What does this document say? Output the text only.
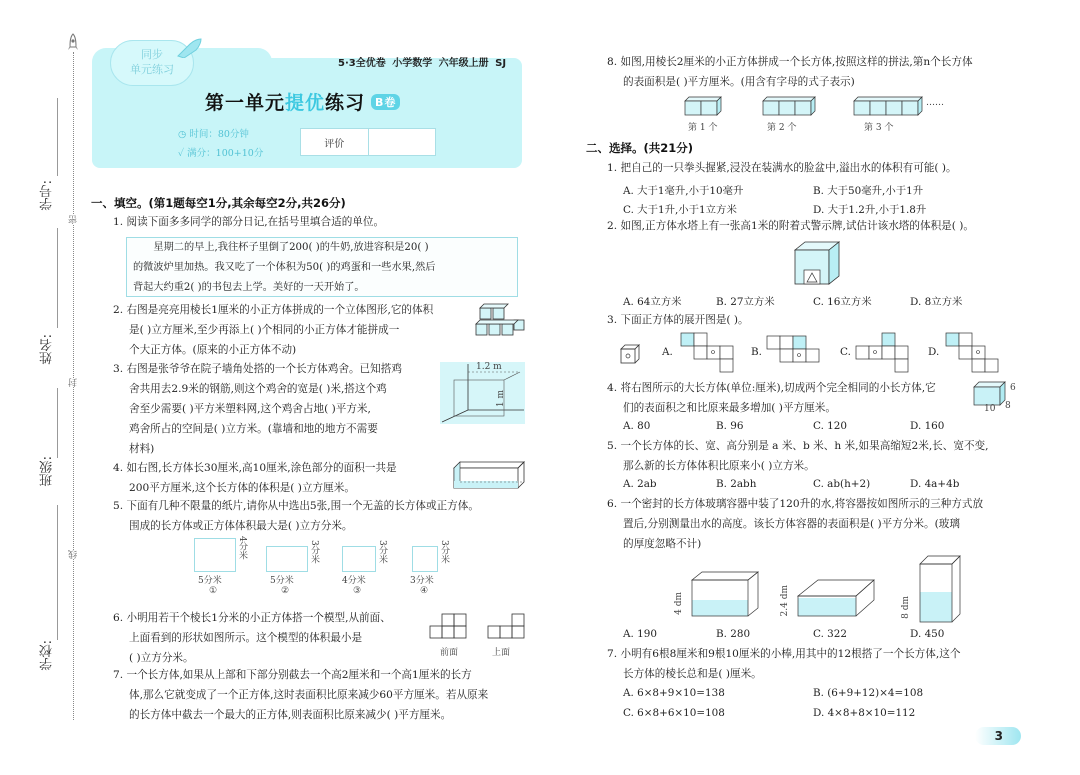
学号:
姓名:
班级:
学校:
密
封
线
同步
单元练习	5·3全优卷 小学数学 六年级上册 SJ
第一单元提优练习 B卷
◷ 时间：80分钟
✓ 满分：100+10分
评价
一、填空。(第1题每空1分,其余每空2分,共26分)
1. 阅读下面多多同学的部分日记,在括号里填合适的单位。
星期二的早上,我往杯子里倒了200( )的牛奶,放进容积是20( )
的微波炉里加热。我又吃了一个体积为50( )的鸡蛋和一些水果,然后
背起大约重2( )的书包去上学。美好的一天开始了。
2. 右图是亮亮用棱长1厘米的小正方体拼成的一个立体图形,它的体积
是( )立方厘米,至少再添上( )个相同的小正方体才能拼成一
个大正方体。(原来的小正方体不动)
3. 右图是张爷爷在院子墙角处搭的一个长方体鸡舍。已知搭鸡
舍共用去2.9米的钢筋,则这个鸡舍的宽是( )米,搭这个鸡
舍至少需要( )平方米塑料网,这个鸡舍占地( )平方米,
鸡舍所占的空间是( )立方米。(靠墙和地的地方不需要
材料)
1.2 m
1 m
4. 如右图,长方体长30厘米,高10厘米,涂色部分的面积一共是
200平方厘米,这个长方体的体积是( )立方厘米。
5. 下面有几种不限量的纸片,请你从中选出5张,围一个无盖的长方体或正方体。
围成的长方体或正方体体积最大是( )立方分米。
4分米
5分米
①
3分米
5分米
②
3分米
4分米
③
3分米
3分米
④
6. 小明用若干个棱长1分米的小正方体搭一个模型,从前面、
上面看到的形状如图所示。这个模型的体积最小是
( )立方分米。	前面	上面
7. 一个长方体,如果从上部和下部分别截去一个高2厘米和一个高1厘米的长方
体,那么它就变成了一个正方体,这时表面积比原来减少60平方厘米。若从原来
的长方体中截去一个最大的正方体,则表面积比原来减少( )平方厘米。
8. 如图,用棱长2厘米的小正方体拼成一个长方体,按照这样的拼法,第n个长方体
的表面积是( )平方厘米。(用含有字母的式子表示)
……
第 1 个	第 2 个	第 3 个
二、选择。(共21分)
1. 把自己的一只拳头握紧,浸没在装满水的脸盆中,溢出水的体积有可能( )。
A. 大于1毫升,小于10毫升	B. 大于50毫升,小于1升
C. 大于1升,小于1立方米	D. 大于1.2升,小于1.8升
2. 如图,正方体水塔上有一张高1米的附着式警示牌,试估计该水塔的体积是( )。
A. 64立方米	B. 27立方米	C. 16立方米	D. 8立方米
3. 下面正方体的展开图是( )。
A.	B.	C.	D.
4. 将右图所示的大长方体(单位:厘米),切成两个完全相同的小长方体,它
们的表面积之和比原来最多增加( )平方厘米。
6
10 8
A. 80	B. 96	C. 120	D. 160
5. 一个长方体的长、宽、高分别是 a 米、b 米、h 米,如果高缩短2米,长、宽不变,
那么新的长方体体积比原来小( )立方米。
A. 2ab	B. 2abh	C. ab(h+2)	D. 4a+4b
6. 一个密封的长方体玻璃容器中装了120升的水,将容器按如图所示的三种方式放
置后,分别测量出水的高度。该长方体容器的表面积是( )平方分米。(玻璃
的厚度忽略不计)
4 dm	2.4 dm	8 dm
A. 190	B. 280	C. 322	D. 450
7. 小明有6根8厘米和9根10厘米的小棒,用其中的12根搭了一个长方体,这个
长方体的棱长总和是( )厘米。
A. 6×8+9×10=138	B. (6+9+12)×4=108
C. 6×8+6×10=108	D. 4×8+8×10=112
3
